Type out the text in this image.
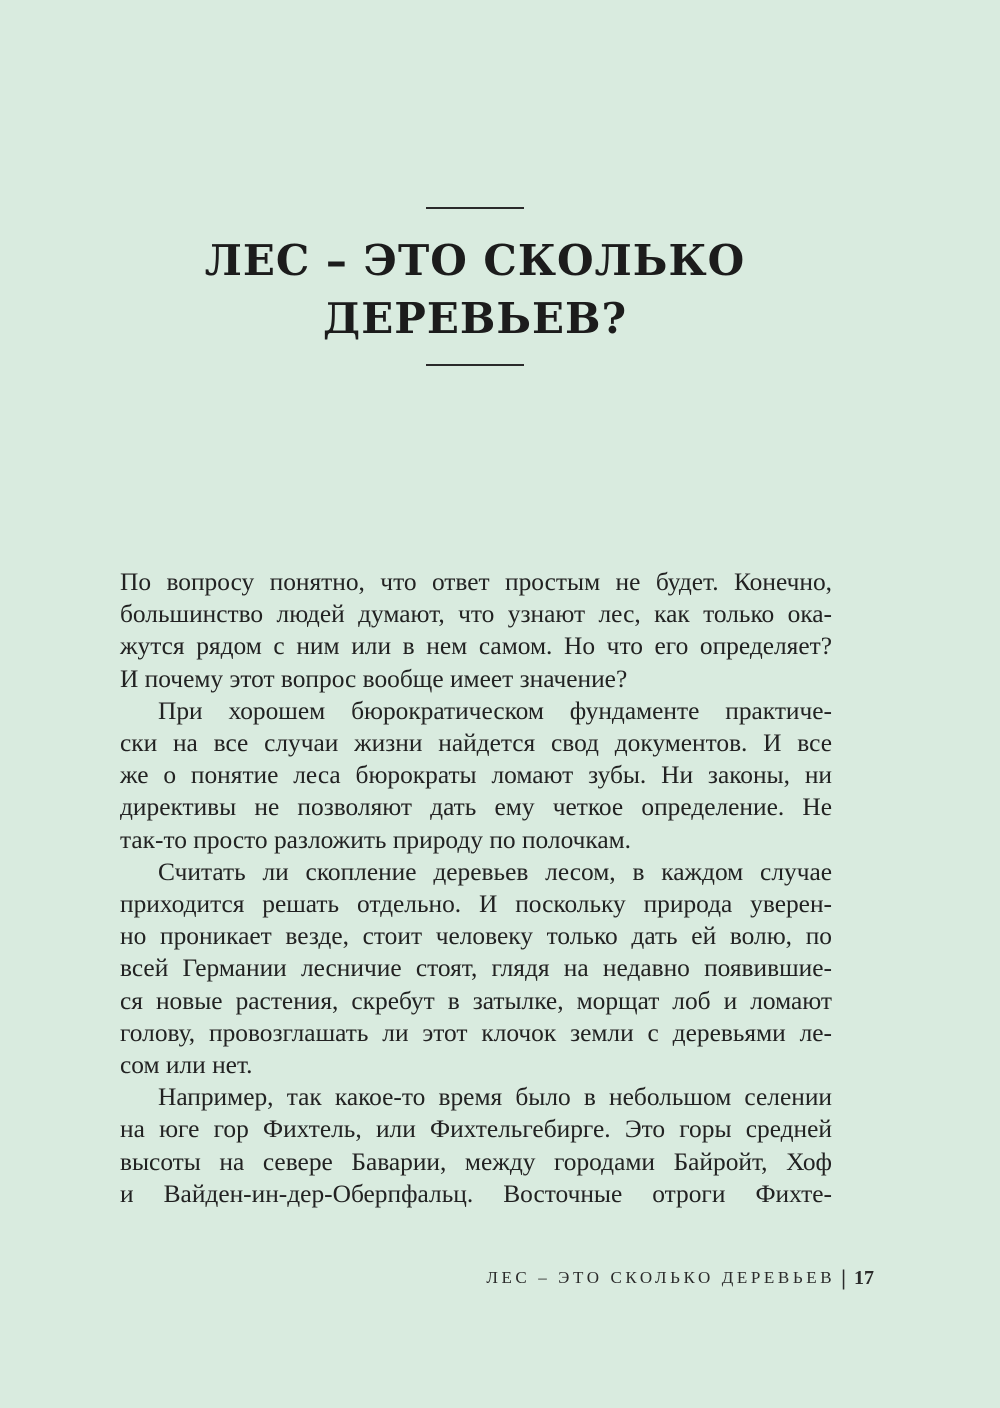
ЛЕС – ЭТО СКОЛЬКО
ДЕРЕВЬЕВ?
По вопросу понятно, что ответ простым не будет. Конечно,
большинство людей думают, что узнают лес, как только ока-
жутся рядом с ним или в нем самом. Но что его определяет?
И почему этот вопрос вообще имеет значение?
При хорошем бюрократическом фундаменте практиче-
ски на все случаи жизни найдется свод документов. И все
же о понятие леса бюрократы ломают зубы. Ни законы, ни
директивы не позволяют дать ему четкое определение. Не
так-то просто разложить природу по полочкам.
Считать ли скопление деревьев лесом, в каждом случае
приходится решать отдельно. И поскольку природа уверен-
но проникает везде, стоит человеку только дать ей волю, по
всей Германии лесничие стоят, глядя на недавно появившие-
ся новые растения, скребут в затылке, морщат лоб и ломают
голову, провозглашать ли этот клочок земли с деревьями ле-
сом или нет.
Например, так какое-то время было в небольшом селении
на юге гор Фихтель, или Фихтельгебирге. Это горы средней
высоты на севере Баварии, между городами Байройт, Хоф
и Вайден-ин-дер-Оберпфальц. Восточные отроги Фихте-
ЛЕС – ЭТО СКОЛЬКО ДЕРЕВЬЕВ | 17
